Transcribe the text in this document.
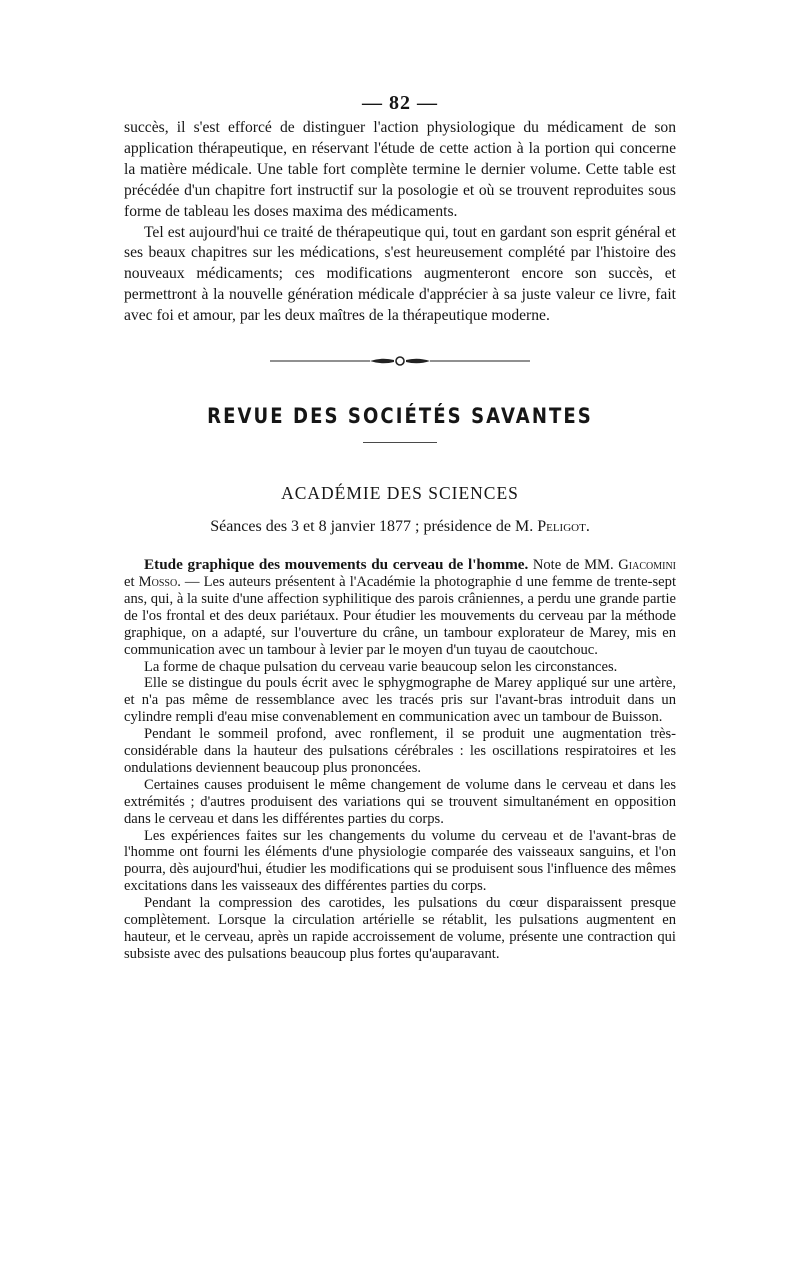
— 82 —

succès, il s'est efforcé de distinguer l'action physiologique du médicament de son application thérapeutique, en réservant l'étude de cette action à la portion qui concerne la matière médicale. Une table fort complète termine le dernier volume. Cette table est précédée d'un chapitre fort instructif sur la posologie et où se trouvent reproduites sous forme de tableau les doses maxima des médicaments.

Tel est aujourd'hui ce traité de thérapeutique qui, tout en gardant son esprit général et ses beaux chapitres sur les médications, s'est heureusement complété par l'histoire des nouveaux médicaments; ces modifications augmenteront encore son succès, et permettront à la nouvelle génération médicale d'apprécier à sa juste valeur ce livre, fait avec foi et amour, par les deux maîtres de la thérapeutique moderne.

REVUE DES SOCIÉTÉS SAVANTES
ACADÉMIE DES SCIENCES
Séances des 3 et 8 janvier 1877 ; présidence de M. Peligot.

Etude graphique des mouvements du cerveau de l'homme. Note de MM. Giacomini et Mosso. — Les auteurs présentent à l'Académie la photographie d une femme de trente-sept ans, qui, à la suite d'une affection syphilitique des parois crâniennes, a perdu une grande partie de l'os frontal et des deux pariétaux. Pour étudier les mouvements du cerveau par la méthode graphique, on a adapté, sur l'ouverture du crâne, un tambour explorateur de Marey, mis en communication avec un tambour à levier par le moyen d'un tuyau de caoutchouc.

La forme de chaque pulsation du cerveau varie beaucoup selon les circonstances.

Elle se distingue du pouls écrit avec le sphygmographe de Marey appliqué sur une artère, et n'a pas même de ressemblance avec les tracés pris sur l'avant-bras introduit dans un cylindre rempli d'eau mise convenablement en communication avec un tambour de Buisson.

Pendant le sommeil profond, avec ronflement, il se produit une augmentation très-considérable dans la hauteur des pulsations cérébrales : les oscillations respiratoires et les ondulations deviennent beaucoup plus prononcées.

Certaines causes produisent le même changement de volume dans le cerveau et dans les extrémités ; d'autres produisent des variations qui se trouvent simultanément en opposition dans le cerveau et dans les différentes parties du corps.

Les expériences faites sur les changements du volume du cerveau et de l'avant-bras de l'homme ont fourni les éléments d'une physiologie comparée des vaisseaux sanguins, et l'on pourra, dès aujourd'hui, étudier les modifications qui se produisent sous l'influence des mêmes excitations dans les vaisseaux des différentes parties du corps.

Pendant la compression des carotides, les pulsations du cœur disparaissent presque complètement. Lorsque la circulation artérielle se rétablit, les pulsations augmentent en hauteur, et le cerveau, après un rapide accroissement de volume, présente une contraction qui subsiste avec des pulsations beaucoup plus fortes qu'auparavant.
